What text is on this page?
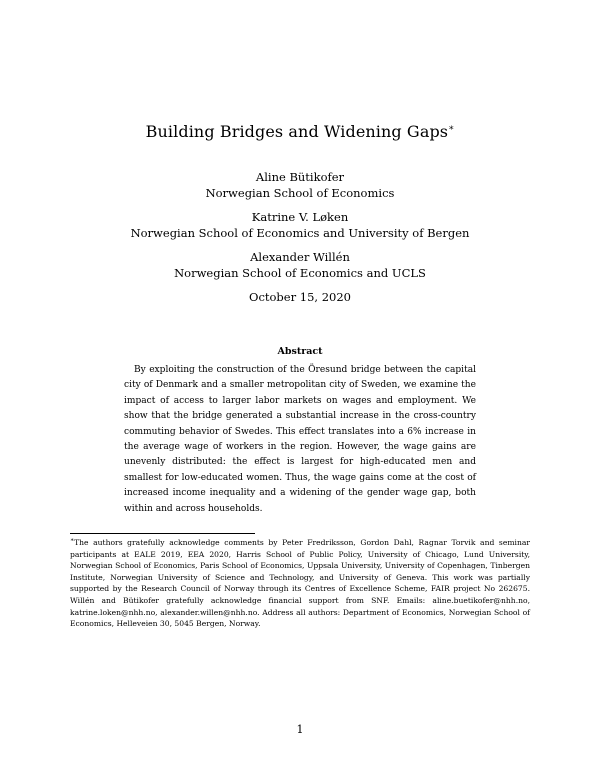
Building Bridges and Widening Gaps∗
Aline Bütikofer
Norwegian School of Economics
Katrine V. Løken
Norwegian School of Economics and University of Bergen
Alexander Willén
Norwegian School of Economics and UCLS
October 15, 2020
Abstract
By exploiting the construction of the Öresund bridge between the capital city of Denmark and a smaller metropolitan city of Sweden, we examine the impact of access to larger labor markets on wages and employment. We show that the bridge generated a substantial increase in the cross-country commuting behavior of Swedes. This effect translates into a 6% increase in the average wage of workers in the region. However, the wage gains are unevenly distributed: the effect is largest for high-educated men and smallest for low-educated women. Thus, the wage gains come at the cost of increased income inequality and a widening of the gender wage gap, both within and across households.
∗The authors gratefully acknowledge comments by Peter Fredriksson, Gordon Dahl, Ragnar Torvik and seminar participants at EALE 2019, EEA 2020, Harris School of Public Policy, University of Chicago, Lund University, Norwegian School of Economics, Paris School of Economics, Uppsala University, University of Copenhagen, Tinbergen Institute, Norwegian University of Science and Technology, and University of Geneva. This work was partially supported by the Research Council of Norway through its Centres of Excellence Scheme, FAIR project No 262675. Willén and Bütikofer gratefully acknowledge financial support from SNF. Emails: aline.buetikofer@nhh.no, katrine.loken@nhh.no, alexander.willen@nhh.no. Address all authors: Department of Economics, Norwegian School of Economics, Helleveien 30, 5045 Bergen, Norway.
1
